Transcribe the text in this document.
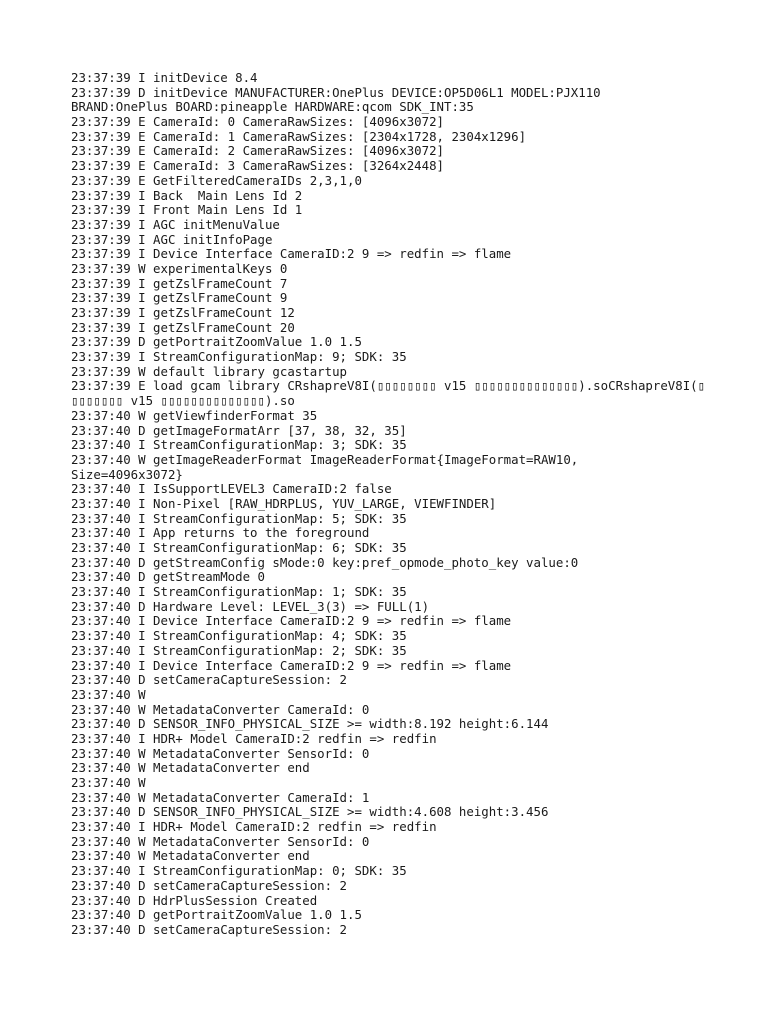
23:37:39 I initDevice 8.4
23:37:39 D initDevice MANUFACTURER:OnePlus DEVICE:OP5D06L1 MODEL:PJX110
BRAND:OnePlus BOARD:pineapple HARDWARE:qcom SDK_INT:35
23:37:39 E CameraId: 0 CameraRawSizes: [4096x3072]
23:37:39 E CameraId: 1 CameraRawSizes: [2304x1728, 2304x1296]
23:37:39 E CameraId: 2 CameraRawSizes: [4096x3072]
23:37:39 E CameraId: 3 CameraRawSizes: [3264x2448]
23:37:39 E GetFilteredCameraIDs 2,3,1,0
23:37:39 I Back  Main Lens Id 2
23:37:39 I Front Main Lens Id 1
23:37:39 I AGC initMenuValue
23:37:39 I AGC initInfoPage
23:37:39 I Device Interface CameraID:2 9 => redfin => flame
23:37:39 W experimentalKeys 0
23:37:39 I getZslFrameCount 7
23:37:39 I getZslFrameCount 9
23:37:39 I getZslFrameCount 12
23:37:39 I getZslFrameCount 20
23:37:39 D getPortraitZoomValue 1.0 1.5
23:37:39 I StreamConfigurationMap: 9; SDK: 35
23:37:39 W default library gcastartup
23:37:39 E load gcam library CRshapreV8I(▯▯▯▯▯▯▯▯ v15 ▯▯▯▯▯▯▯▯▯▯▯▯▯▯).soCRshapreV8I(▯
▯▯▯▯▯▯▯ v15 ▯▯▯▯▯▯▯▯▯▯▯▯▯▯).so
23:37:40 W getViewfinderFormat 35
23:37:40 D getImageFormatArr [37, 38, 32, 35]
23:37:40 I StreamConfigurationMap: 3; SDK: 35
23:37:40 W getImageReaderFormat ImageReaderFormat{ImageFormat=RAW10,
Size=4096x3072}
23:37:40 I IsSupportLEVEL3 CameraID:2 false
23:37:40 I Non-Pixel [RAW_HDRPLUS, YUV_LARGE, VIEWFINDER]
23:37:40 I StreamConfigurationMap: 5; SDK: 35
23:37:40 I App returns to the foreground
23:37:40 I StreamConfigurationMap: 6; SDK: 35
23:37:40 D getStreamConfig sMode:0 key:pref_opmode_photo_key value:0
23:37:40 D getStreamMode 0
23:37:40 I StreamConfigurationMap: 1; SDK: 35
23:37:40 D Hardware Level: LEVEL_3(3) => FULL(1)
23:37:40 I Device Interface CameraID:2 9 => redfin => flame
23:37:40 I StreamConfigurationMap: 4; SDK: 35
23:37:40 I StreamConfigurationMap: 2; SDK: 35
23:37:40 I Device Interface CameraID:2 9 => redfin => flame
23:37:40 D setCameraCaptureSession: 2
23:37:40 W
23:37:40 W MetadataConverter CameraId: 0
23:37:40 D SENSOR_INFO_PHYSICAL_SIZE >= width:8.192 height:6.144
23:37:40 I HDR+ Model CameraID:2 redfin => redfin
23:37:40 W MetadataConverter SensorId: 0
23:37:40 W MetadataConverter end
23:37:40 W
23:37:40 W MetadataConverter CameraId: 1
23:37:40 D SENSOR_INFO_PHYSICAL_SIZE >= width:4.608 height:3.456
23:37:40 I HDR+ Model CameraID:2 redfin => redfin
23:37:40 W MetadataConverter SensorId: 0
23:37:40 W MetadataConverter end
23:37:40 I StreamConfigurationMap: 0; SDK: 35
23:37:40 D setCameraCaptureSession: 2
23:37:40 D HdrPlusSession Created
23:37:40 D getPortraitZoomValue 1.0 1.5
23:37:40 D setCameraCaptureSession: 2
